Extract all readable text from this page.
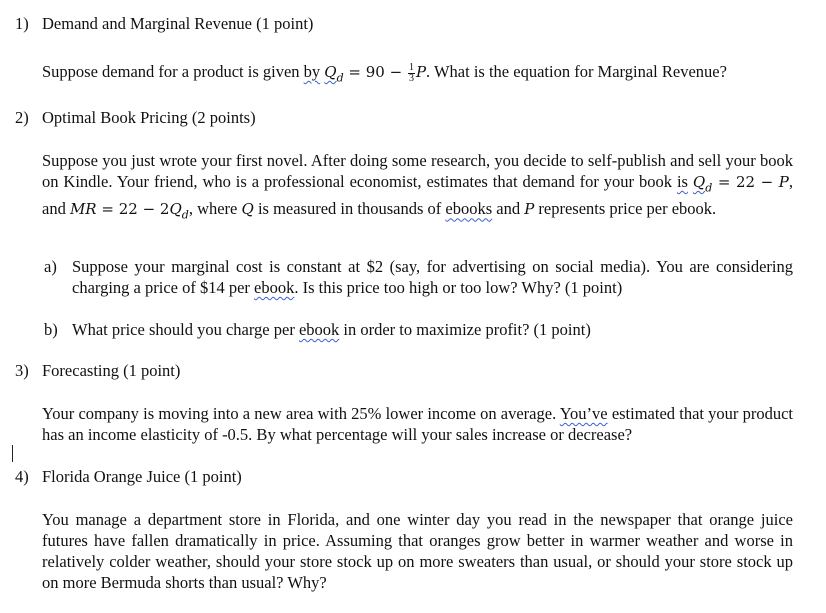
1) Demand and Marginal Revenue (1 point)
Suppose demand for a product is given by $Q_d = 90 - \frac{1}{3} P$. What is the equation for Marginal Revenue?
2) Optimal Book Pricing (2 points)
Suppose you just wrote your first novel. After doing some research, you decide to self-publish and sell your book on Kindle. Your friend, who is a professional economist, estimates that demand for your book is $Q_d = 22 - P$, and MR = $22 - 2Q_d$, where Q is measured in thousands of ebooks and P represents price per ebook.
a) Suppose your marginal cost is constant at $2 (say, for advertising on social media). You are considering charging a price of $14 per ebook. Is this price too high or too low? Why? (1 point)
b) What price should you charge per ebook in order to maximize profit? (1 point)
3) Forecasting (1 point)
Your company is moving into a new area with 25% lower income on average. You’ve estimated that your product has an income elasticity of -0.5. By what percentage will your sales increase or decrease?
4) Florida Orange Juice (1 point)
You manage a department store in Florida, and one winter day you read in the newspaper that orange juice futures have fallen dramatically in price. Assuming that oranges grow better in warmer weather and worse in relatively colder weather, should your store stock up on more sweaters than usual, or should your store stock up on more Bermuda shorts than usual? Why?
